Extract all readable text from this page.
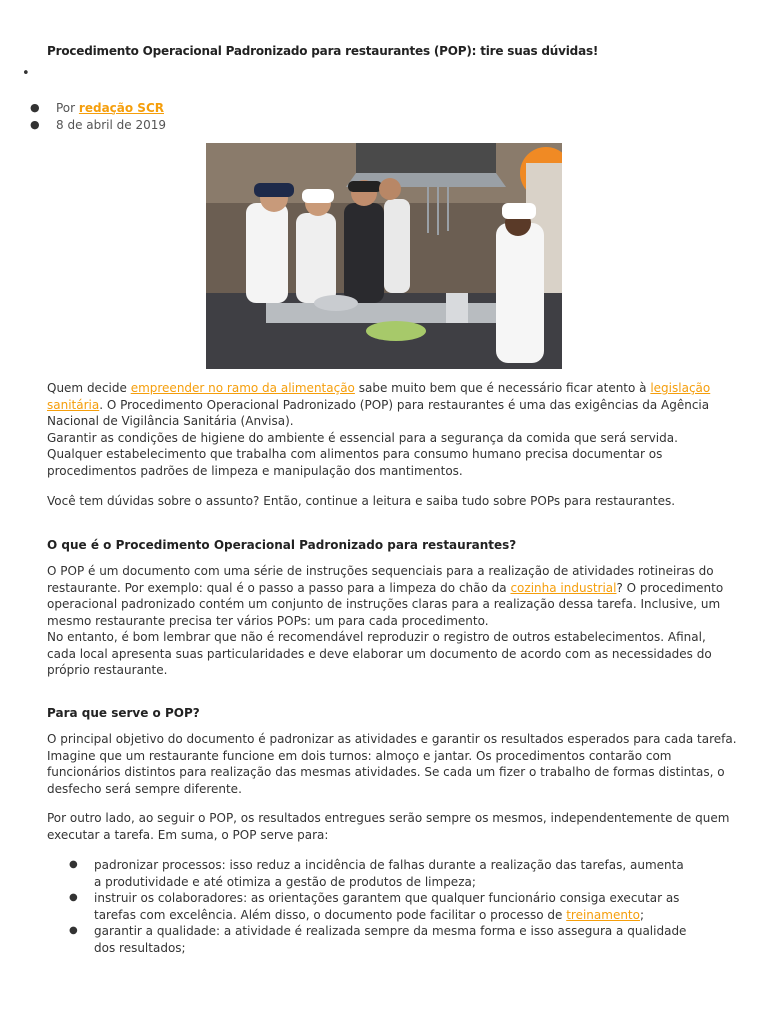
Procedimento Operacional Padronizado para restaurantes (POP): tire suas dúvidas!
•
●	Por
redação SCR
●	8 de abril de 2019

Quem decide empreender no ramo da alimentação sabe muito bem que é necessário ficar atento à legislação sanitária. O Procedimento Operacional Padronizado (POP) para restaurantes é uma das exigências da Agência Nacional de Vigilância Sanitária (Anvisa).

Garantir as condições de higiene do ambiente é essencial para a segurança da comida que será servida. Qualquer estabelecimento que trabalha com alimentos para consumo humano precisa documentar os procedimentos padrões de limpeza e manipulação dos mantimentos.

Você tem dúvidas sobre o assunto? Então, continue a leitura e saiba tudo sobre POPs para restaurantes.
O que é o Procedimento Operacional Padronizado para restaurantes?

O POP é um documento com uma série de instruções sequenciais para a realização de atividades rotineiras do restaurante. Por exemplo: qual é o passo a passo para a limpeza do chão da cozinha industrial? O procedimento operacional padronizado contém um conjunto de instruções claras para a realização dessa tarefa. Inclusive, um mesmo restaurante precisa ter vários POPs: um para cada procedimento.

No entanto, é bom lembrar que não é recomendável reproduzir o registro de outros estabelecimentos. Afinal, cada local apresenta suas particularidades e deve elaborar um documento de acordo com as necessidades do próprio restaurante.

Para que serve o POP?
O principal objetivo do documento é padronizar as atividades e garantir os resultados esperados para cada tarefa. Imagine que um restaurante funcione em dois turnos: almoço e jantar. Os procedimentos contarão com funcionários distintos para realização das mesmas atividades. Se cada um fizer o trabalho de formas distintas, o desfecho será sempre diferente.
Por outro lado, ao seguir o POP, os resultados entregues serão sempre os mesmos, independentemente de quem executar a tarefa. Em suma, o POP serve para:
● padronizar processos: isso reduz a incidência de falhas durante a realização das tarefas, aumenta a produtividade e até otimiza a gestão de produtos de limpeza;
● instruir os colaboradores: as orientações garantem que qualquer funcionário consiga executar as tarefas com excelência. Além disso, o documento pode facilitar o processo de treinamento;
● garantir a qualidade: a atividade é realizada sempre da mesma forma e isso assegura a qualidade dos resultados;
